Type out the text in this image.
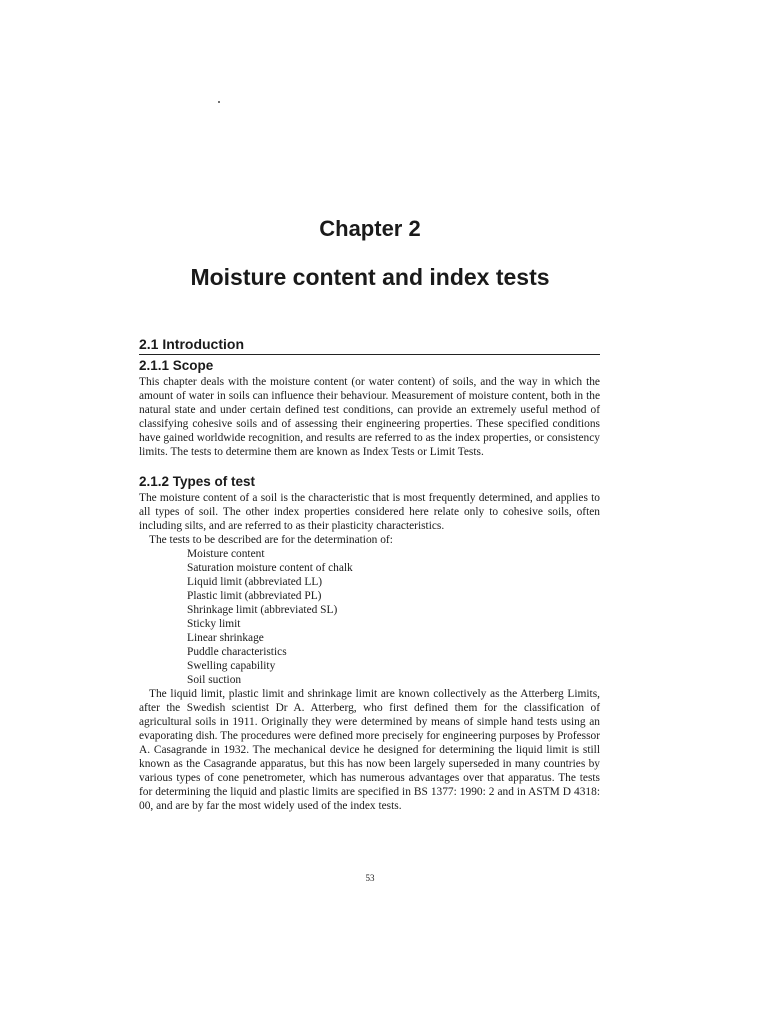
Chapter 2
Moisture content and index tests
2.1 Introduction
2.1.1 Scope

This chapter deals with the moisture content (or water content) of soils, and the way in which the amount of water in soils can influence their behaviour. Measurement of moisture content, both in the natural state and under certain defined test conditions, can provide an extremely useful method of classifying cohesive soils and of assessing their engineering properties. These specified conditions have gained worldwide recognition, and results are referred to as the index properties, or consistency limits. The tests to determine them are known as Index Tests or Limit Tests.

2.1.2 Types of test

The moisture content of a soil is the characteristic that is most frequently determined, and applies to all types of soil. The other index properties considered here relate only to cohesive soils, often including silts, and are referred to as their plasticity characteristics.

The tests to be described are for the determination of:

Moisture content
Saturation moisture content of chalk
Liquid limit (abbreviated LL)
Plastic limit (abbreviated PL)
Shrinkage limit (abbreviated SL)
Sticky limit
Linear shrinkage
Puddle characteristics
Swelling capability
Soil suction

The liquid limit, plastic limit and shrinkage limit are known collectively as the Atterberg Limits, after the Swedish scientist Dr A. Atterberg, who first defined them for the classification of agricultural soils in 1911. Originally they were determined by means of simple hand tests using an evaporating dish. The procedures were defined more precisely for engineering purposes by Professor A. Casagrande in 1932. The mechanical device he designed for determining the liquid limit is still known as the Casagrande apparatus, but this has now been largely superseded in many countries by various types of cone penetrometer, which has numerous advantages over that apparatus. The tests for determining the liquid and plastic limits are specified in BS 1377: 1990: 2 and in ASTM D 4318: 00, and are by far the most widely used of the index tests.

53
